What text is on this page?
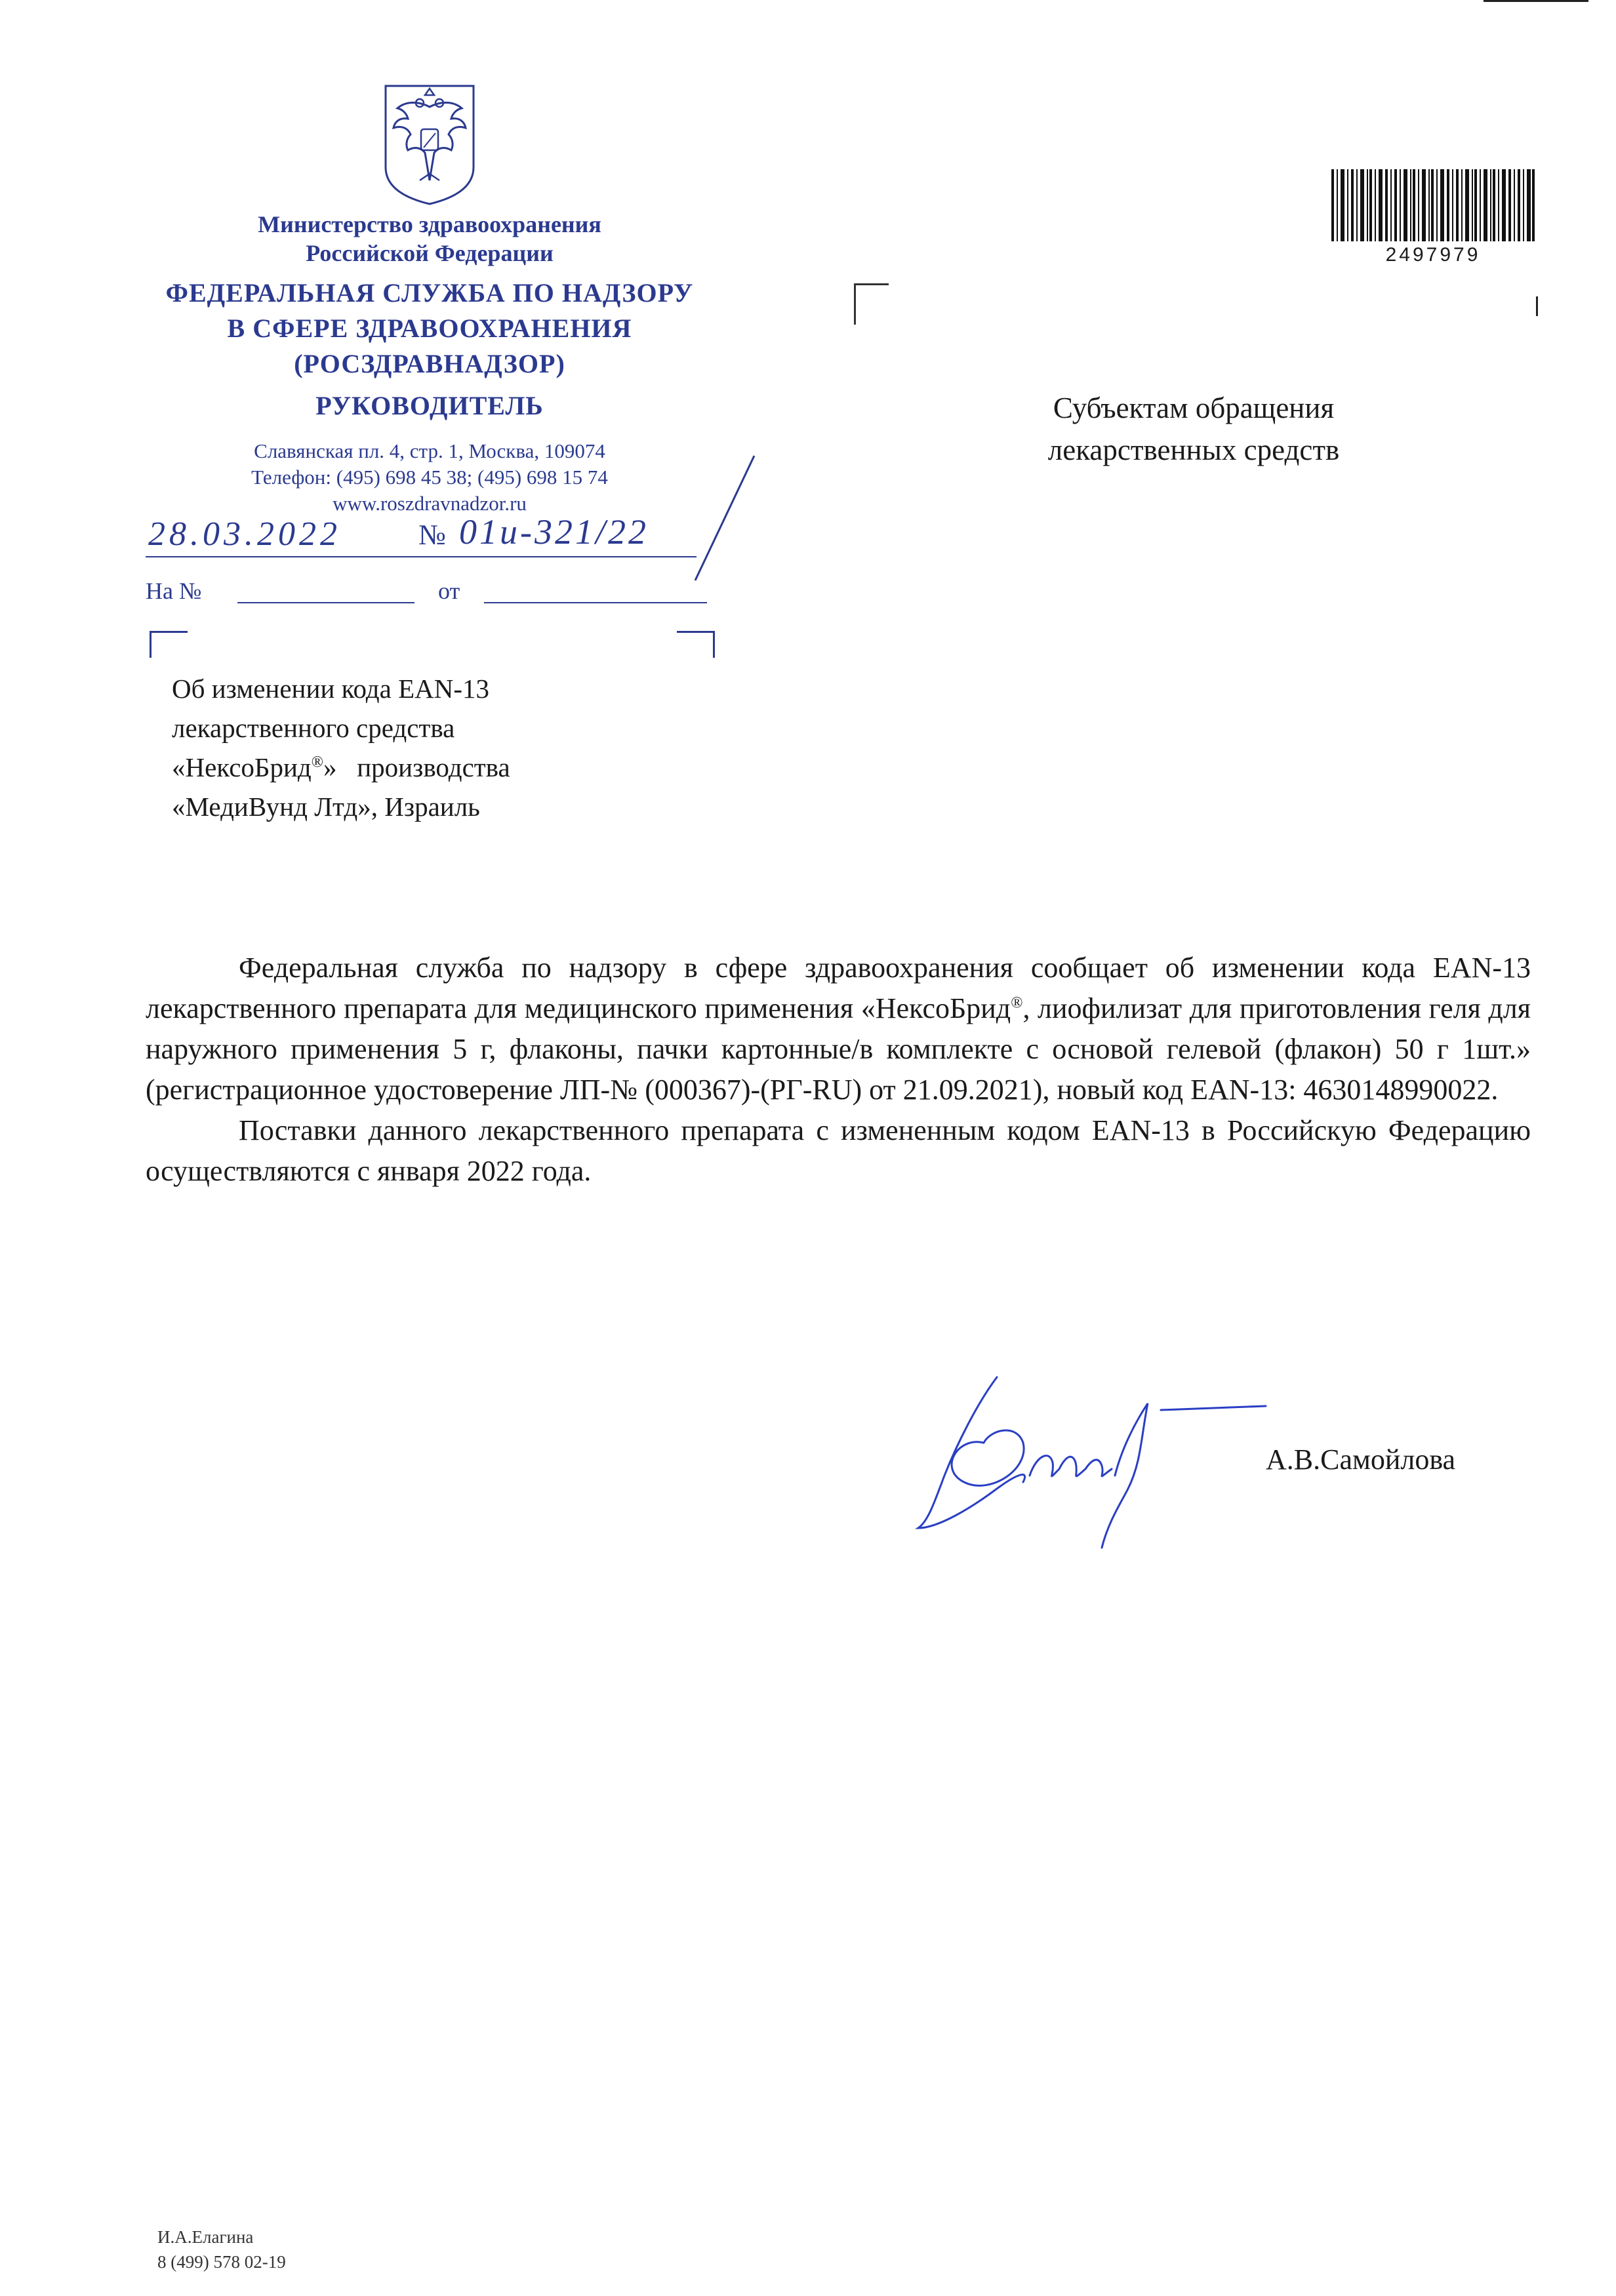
Министерство здравоохранения
Российской Федерации
ФЕДЕРАЛЬНАЯ СЛУЖБА ПО НАДЗОРУ
В СФЕРЕ ЗДРАВООХРАНЕНИЯ
(РОСЗДРАВНАДЗОР)
РУКОВОДИТЕЛЬ
Славянская пл. 4, стр. 1, Москва, 109074
Телефон: (495) 698 45 38; (495) 698 15 74
www.roszdravnadzor.ru
28.03.2022	№ 01и-321/22
На №	от
Об изменении кода EAN-13
лекарственного средства
«НексоБрид®»   производства
«МедиВунд Лтд», Израиль
2497979
Субъектам обращения
лекарственных средств

Федеральная служба по надзору в сфере здравоохранения сообщает об изменении кода EAN-13 лекарственного препарата для медицинского применения «НексоБрид®, лиофилизат для приготовления геля для наружного применения 5 г, флаконы, пачки картонные/в комплекте с основой гелевой (флакон) 50 г 1шт.» (регистрационное удостоверение ЛП-№ (000367)-(РГ-RU) от 21.09.2021), новый код EAN-13: 4630148990022.

Поставки данного лекарственного препарата с измененным кодом EAN-13 в Российскую Федерацию осуществляются с января 2022 года.

А.В.Самойлова
И.А.Елагина
8 (499) 578 02-19
